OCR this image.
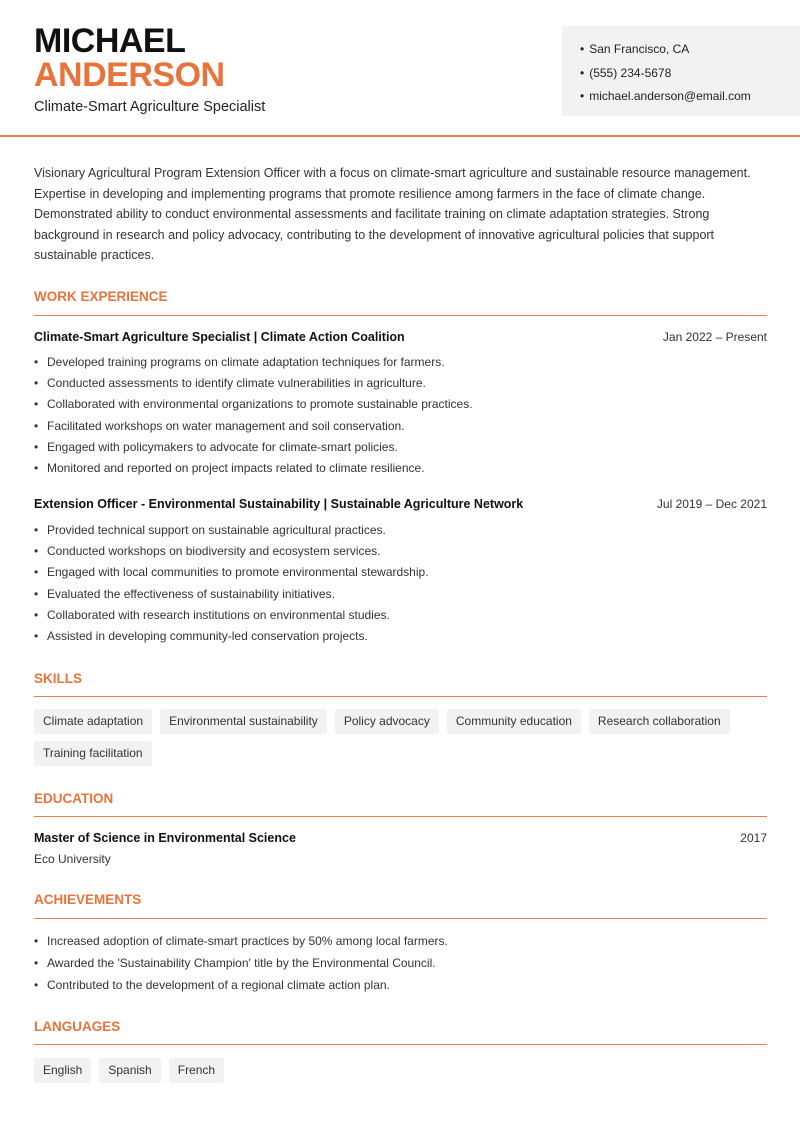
MICHAEL
ANDERSON
Climate-Smart Agriculture Specialist
• San Francisco, CA
• (555) 234-5678
• michael.anderson@email.com

Visionary Agricultural Program Extension Officer with a focus on climate-smart agriculture and sustainable resource management. Expertise in developing and implementing programs that promote resilience among farmers in the face of climate change. Demonstrated ability to conduct environmental assessments and facilitate training on climate adaptation strategies. Strong background in research and policy advocacy, contributing to the development of innovative agricultural policies that support sustainable practices.

WORK EXPERIENCE
Climate-Smart Agriculture Specialist | Climate Action Coalition	Jan 2022 – Present
• Developed training programs on climate adaptation techniques for farmers.
• Conducted assessments to identify climate vulnerabilities in agriculture.
• Collaborated with environmental organizations to promote sustainable practices.
• Facilitated workshops on water management and soil conservation.
• Engaged with policymakers to advocate for climate-smart policies.
• Monitored and reported on project impacts related to climate resilience.
Extension Officer - Environmental Sustainability | Sustainable Agriculture Network	Jul 2019 – Dec 2021
• Provided technical support on sustainable agricultural practices.
• Conducted workshops on biodiversity and ecosystem services.
• Engaged with local communities to promote environmental stewardship.
• Evaluated the effectiveness of sustainability initiatives.
• Collaborated with research institutions on environmental studies.
• Assisted in developing community-led conservation projects.
SKILLS
Climate adaptation	Environmental sustainability	Policy advocacy	Community education	Research collaboration
Training facilitation
EDUCATION
Master of Science in Environmental Science	2017
Eco University
ACHIEVEMENTS
• Increased adoption of climate-smart practices by 50% among local farmers.
• Awarded the 'Sustainability Champion' title by the Environmental Council.
• Contributed to the development of a regional climate action plan.
LANGUAGES
English	Spanish	French
